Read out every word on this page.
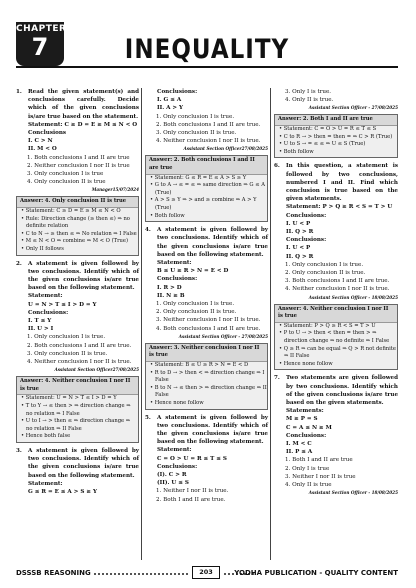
INEQUALITY
CHAPTER
7
1.	Read the given statement(s) and conclusions carefully. Decide which of the given conclusions is/are true based on the statement.
Statement: C ≥ D = E ≥ M ≤ N < O
Conclusions
I. C > N
II. M < O
1. Both conclusions I and II are true
2. Neither conclusion I nor II is true
3. Only conclusion I is true
4. Only conclusion II is true
Manager15/07/2024
Answer: 4. Only conclusion II is true
• Statement: C ≥ D = E ≥ M ≤ N < O
• Rule: Direction change (≥ then ≤) ⇒ no definite relation
• C to N → ≥ then ≤ ⇒ No relation ⇒ I False
• M ≤ N < O ⇒ combine ⇒ M < O (True)
• Only II follows
2.	A statement is given followed by two conclusions. Identify which of the given conclusions is/are true based on the following statement.
Statement:
U = N > T ≤ I > D = Y
Conclusions:
I. T ≤ Y
II. U > I
1. Only conclusion I is true.
2. Both conclusions I and II are true.
3. Only conclusion II is true.
4. Neither conclusion I nor II is true.
Assistant Section Officer27/08/2025
Answer: 4. Neither conclusion I nor II is true
• Statement: U = N > T ≤ I > D = Y
• T to Y → ≤ then > ⇒ direction change ⇒ no relation ⇒ I False
• U to I → > then ≤ ⇒ direction change ⇒ no relation ⇒ II False
• Hence both false
3.	A statement is given followed by two conclusions. Identify which of the given conclusions is/are true based on the following statement.
Statement:
G ≤ R = E ≤ A > S ≥ Y
Conclusions:
I. G ≤ A
II. A > Y
1. Only conclusion I is true.
2. Both conclusions I and II are true.
3. Only conclusion II is true.
4. Neither conclusion I nor II is true.
Assistant Section Officer27/08/2025
Answer: 2. Both conclusions I and II are true
• Statement: G ≤ R = E ≤ A > S ≥ Y
• G to A → ≤ = ≤ ⇒ same direction ⇒ G ≤ A (True)
• A > S ≥ Y ⇒ > and ≥ combine ⇒ A > Y (True)
• Both follow
4.	A statement is given followed by two conclusions. Identify which of the given conclusions is/are true based on the following statement.
Statement:
B ≤ U ≥ R > N = E < D
Conclusions:
I. R > D
II. N ≥ B
1. Only conclusion I is true.
2. Only conclusion II is true.
3. Neither conclusion I nor II is true.
4. Both conclusions I and II are true.
Assistant Section Officer - 27/08/2025
Answer: 3. Neither conclusion I nor II is true
• Statement: B ≤ U ≥ R > N = E < D
• R to D → > then < ⇒ direction change ⇒ I False
• B to N → ≤ then > ⇒ direction change ⇒ II False
• Hence none follow
5.	A statement is given followed by two conclusions. Identify which of the given conclusions is/are true based on the following statement.
Statement:
C = O > U = R ≤ T ≤ S
Conclusions:
(I). C > R
(II). U ≤ S
1. Neither I nor II is true.
2. Both I and II are true.
3. Only I is true.
4. Only II is true.
Assistant Section Officer - 27/08/2025
Answer: 2. Both I and II are true
• Statement: C = O > U = R ≤ T ≤ S
• C to R → > then = then = ⇒ C > R (True)
• U to S → = ≤ ≤ ⇒ U ≤ S (True)
• Both follow
6.	In this question, a statement is followed by two conclusions, numbered I and II. Find which conclusion is true based on the given statements.
Statement: P > Q ≥ R < S = T > U
Conclusions:
I. U < P
II. Q > R
Conclusions:
I. U < P
II. Q > R
1. Only conclusion I is true.
2. Only conclusion II is true.
3. Both conclusions I and II are true.
4. Neither conclusion I nor II is true.
Assistant Section Officer - 18/08/2025
Answer: 4. Neither conclusion I nor II is true
• Statement: P > Q ≥ R < S = T > U
• P to U → > then < then = then > ⇒ direction change ⇒ no definite ⇒ I False
• Q ≥ R ⇒ can be equal ⇒ Q > R not definite ⇒ II False
• Hence none follow
7.	Two statements are given followed by two conclusions. Identify which of the given conclusions is/are true based on the given statements.
Statements:
M ≥ P = S
C = A ≤ N ≥ M
Conclusions:
I. M < C
II. P ≤ A
1. Both I and II are true
2. Only I is true
3. Neither I nor II is true
4. Only II is true
Assistant Section Officer - 18/08/2025
DSSSB REASONING	203	YODHA PUBLICATION - QUALITY CONTENT
